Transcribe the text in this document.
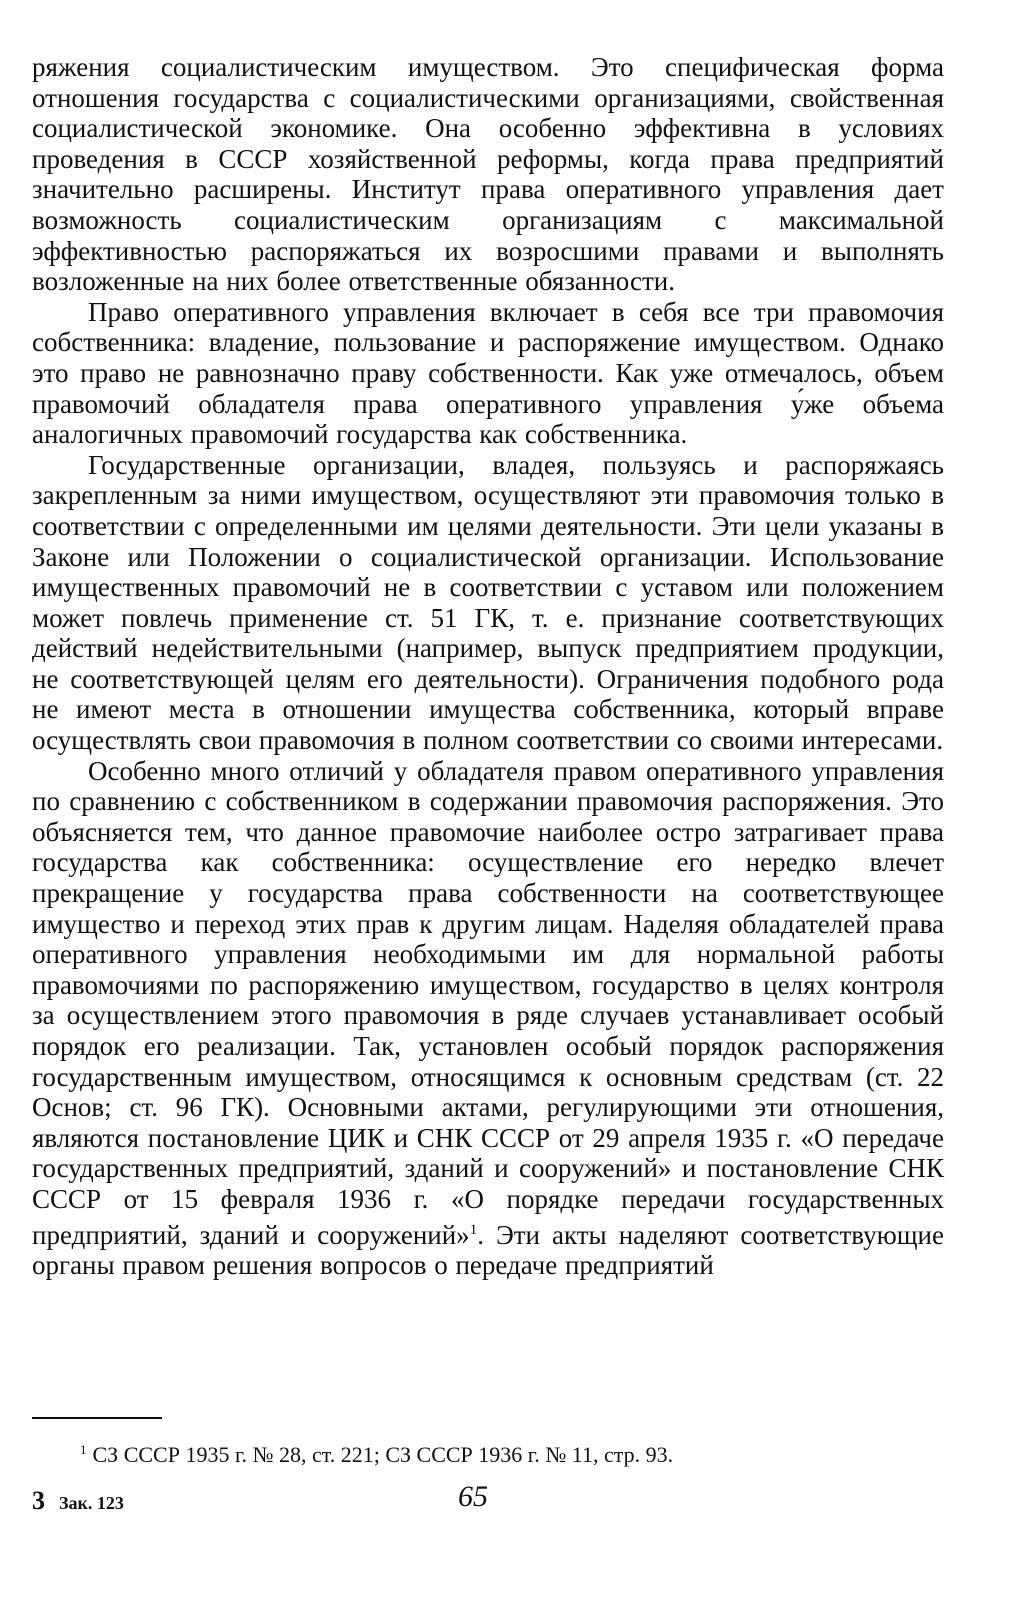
ряжения социалистическим имуществом. Это специфическая форма отношения государства с социалистическими организациями, свойственная социалистической экономике. Она особенно эффективна в условиях проведения в СССР хозяйственной реформы, когда права предприятий значительно расширены. Институт права оперативного управления дает возможность социалистическим организациям с максимальной эффективностью распоряжаться их возросшими правами и выполнять возложенные на них более ответственные обязанности.

Право оперативного управления включает в себя все три правомочия собственника: владение, пользование и распоряжение имуществом. Однако это право не равнозначно праву собственности. Как уже отмечалось, объем правомочий обладателя права оперативного управления у́же объема аналогичных правомочий государства как собственника.

Государственные организации, владея, пользуясь и распоряжаясь закрепленным за ними имуществом, осуществляют эти правомочия только в соответствии с определенными им целями деятельности. Эти цели указаны в Законе или Положении о социалистической организации. Использование имущественных правомочий не в соответствии с уставом или положением может повлечь применение ст. 51 ГК, т. е. признание соответствующих действий недействительными (например, выпуск предприятием продукции, не соответствующей целям его деятельности). Ограничения подобного рода не имеют места в отношении имущества собственника, который вправе осуществлять свои правомочия в полном соответствии со своими интересами.

Особенно много отличий у обладателя правом оперативного управления по сравнению с собственником в содержании правомочия распоряжения. Это объясняется тем, что данное правомочие наиболее остро затрагивает права государства как собственника: осуществление его нередко влечет прекращение у государства права собственности на соответствующее имущество и переход этих прав к другим лицам. Наделяя обладателей права оперативного управления необходимыми им для нормальной работы правомочиями по распоряжению имуществом, государство в целях контроля за осуществлением этого правомочия в ряде случаев устанавливает особый порядок его реализации. Так, установлен особый порядок распоряжения государственным имуществом, относящимся к основным средствам (ст. 22 Основ; ст. 96 ГК). Основными актами, регулирующими эти отношения, являются постановление ЦИК и СНК СССР от 29 апреля 1935 г. «О передаче государственных предприятий, зданий и сооружений» и постановление СНК СССР от 15 февраля 1936 г. «О порядке передачи государственных предприятий, зданий и сооружений»$^1$. Эти акты наделяют соответствующие органы правом решения вопросов о передаче предприятий

$^1$ СЗ СССР 1935 г. № 28, ст. 221; СЗ СССР 1936 г. № 11, стр. 93.
3 Зак. 123	65
